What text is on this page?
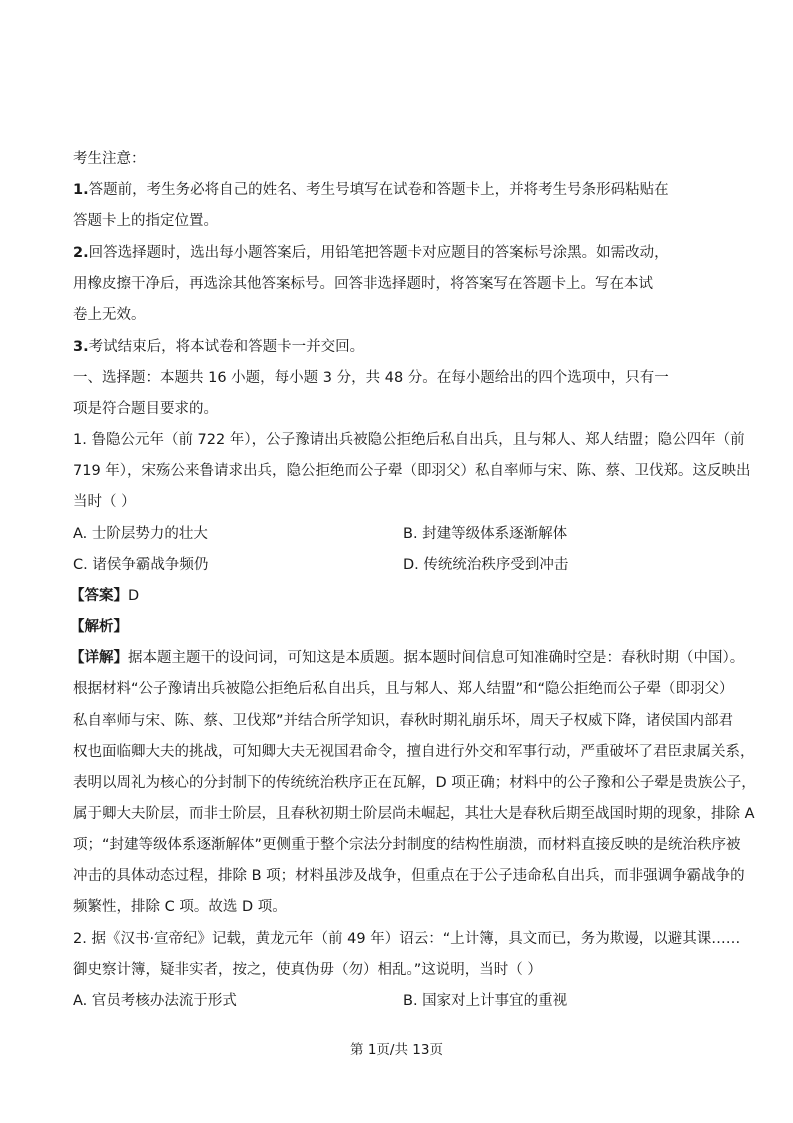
考生注意：
1.答题前，考生务必将自己的姓名、考生号填写在试卷和答题卡上，并将考生号条形码粘贴在
答题卡上的指定位置。
2.回答选择题时，选出每小题答案后，用铅笔把答题卡对应题目的答案标号涂黑。如需改动，
用橡皮擦干净后，再选涂其他答案标号。回答非选择题时，将答案写在答题卡上。写在本试
卷上无效。
3.考试结束后，将本试卷和答题卡一并交回。
一、选择题：本题共 16 小题，每小题 3 分，共 48 分。在每小题给出的四个选项中，只有一
项是符合题目要求的。
1. 鲁隐公元年（前 722 年），公子豫请出兵被隐公拒绝后私自出兵，且与邾人、郑人结盟；隐公四年（前
719 年），宋殇公来鲁请求出兵，隐公拒绝而公子翚（即羽父）私自率师与宋、陈、蔡、卫伐郑。这反映出
当时（ ）
A. 士阶层势力的壮大	B. 封建等级体系逐渐解体
C. 诸侯争霸战争频仍	D. 传统统治秩序受到冲击
【答案】D
【解析】
【详解】据本题主题干的设问词，可知这是本质题。据本题时间信息可知准确时空是：春秋时期（中国）。
根据材料“公子豫请出兵被隐公拒绝后私自出兵，且与邾人、郑人结盟”和“隐公拒绝而公子翚（即羽父）
私自率师与宋、陈、蔡、卫伐郑”并结合所学知识，春秋时期礼崩乐坏，周天子权威下降，诸侯国内部君
权也面临卿大夫的挑战，可知卿大夫无视国君命令，擅自进行外交和军事行动，严重破坏了君臣隶属关系，
表明以周礼为核心的分封制下的传统统治秩序正在瓦解，D 项正确；材料中的公子豫和公子翚是贵族公子，
属于卿大夫阶层，而非士阶层，且春秋初期士阶层尚未崛起，其壮大是春秋后期至战国时期的现象，排除 A
项；“封建等级体系逐渐解体”更侧重于整个宗法分封制度的结构性崩溃，而材料直接反映的是统治秩序被
冲击的具体动态过程，排除 B 项；材料虽涉及战争，但重点在于公子违命私自出兵，而非强调争霸战争的
频繁性，排除 C 项。故选 D 项。
2. 据《汉书·宣帝纪》记载，黄龙元年（前 49 年）诏云：“上计簿，具文而已，务为欺谩，以避其课……
御史察计簿，疑非实者，按之，使真伪毋（勿）相乱。”这说明，当时（ ）
A. 官员考核办法流于形式	B. 国家对上计事宜的重视
第 1页/共 13页
